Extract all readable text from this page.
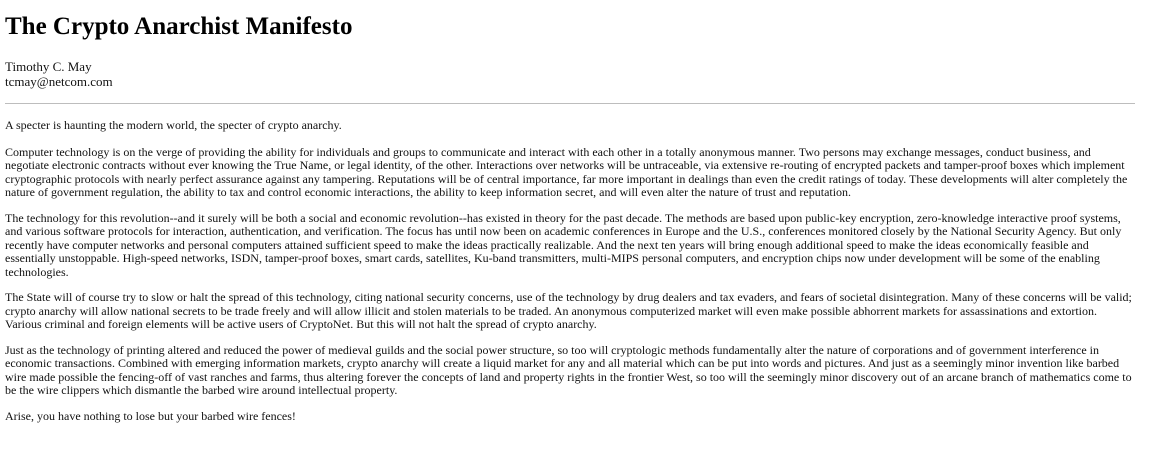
The Crypto Anarchist Manifesto
Timothy C. May
tcmay@netcom.com

A specter is haunting the modern world, the specter of crypto anarchy.

Computer technology is on the verge of providing the ability for individuals and groups to communicate and interact with each other in a totally anonymous manner. Two persons may exchange messages, conduct business, and negotiate electronic contracts without ever knowing the True Name, or legal identity, of the other. Interactions over networks will be untraceable, via extensive re-routing of encrypted packets and tamper-proof boxes which implement cryptographic protocols with nearly perfect assurance against any tampering. Reputations will be of central importance, far more important in dealings than even the credit ratings of today. These developments will alter completely the nature of government regulation, the ability to tax and control economic interactions, the ability to keep information secret, and will even alter the nature of trust and reputation.

The technology for this revolution--and it surely will be both a social and economic revolution--has existed in theory for the past decade. The methods are based upon public-key encryption, zero-knowledge interactive proof systems, and various software protocols for interaction, authentication, and verification. The focus has until now been on academic conferences in Europe and the U.S., conferences monitored closely by the National Security Agency. But only recently have computer networks and personal computers attained sufficient speed to make the ideas practically realizable. And the next ten years will bring enough additional speed to make the ideas economically feasible and essentially unstoppable. High-speed networks, ISDN, tamper-proof boxes, smart cards, satellites, Ku-band transmitters, multi-MIPS personal computers, and encryption chips now under development will be some of the enabling technologies.

The State will of course try to slow or halt the spread of this technology, citing national security concerns, use of the technology by drug dealers and tax evaders, and fears of societal disintegration. Many of these concerns will be valid; crypto anarchy will allow national secrets to be trade freely and will allow illicit and stolen materials to be traded. An anonymous computerized market will even make possible abhorrent markets for assassinations and extortion. Various criminal and foreign elements will be active users of CryptoNet. But this will not halt the spread of crypto anarchy.

Just as the technology of printing altered and reduced the power of medieval guilds and the social power structure, so too will cryptologic methods fundamentally alter the nature of corporations and of government interference in economic transactions. Combined with emerging information markets, crypto anarchy will create a liquid market for any and all material which can be put into words and pictures. And just as a seemingly minor invention like barbed wire made possible the fencing-off of vast ranches and farms, thus altering forever the concepts of land and property rights in the frontier West, so too will the seemingly minor discovery out of an arcane branch of mathematics come to be the wire clippers which dismantle the barbed wire around intellectual property.

Arise, you have nothing to lose but your barbed wire fences!
